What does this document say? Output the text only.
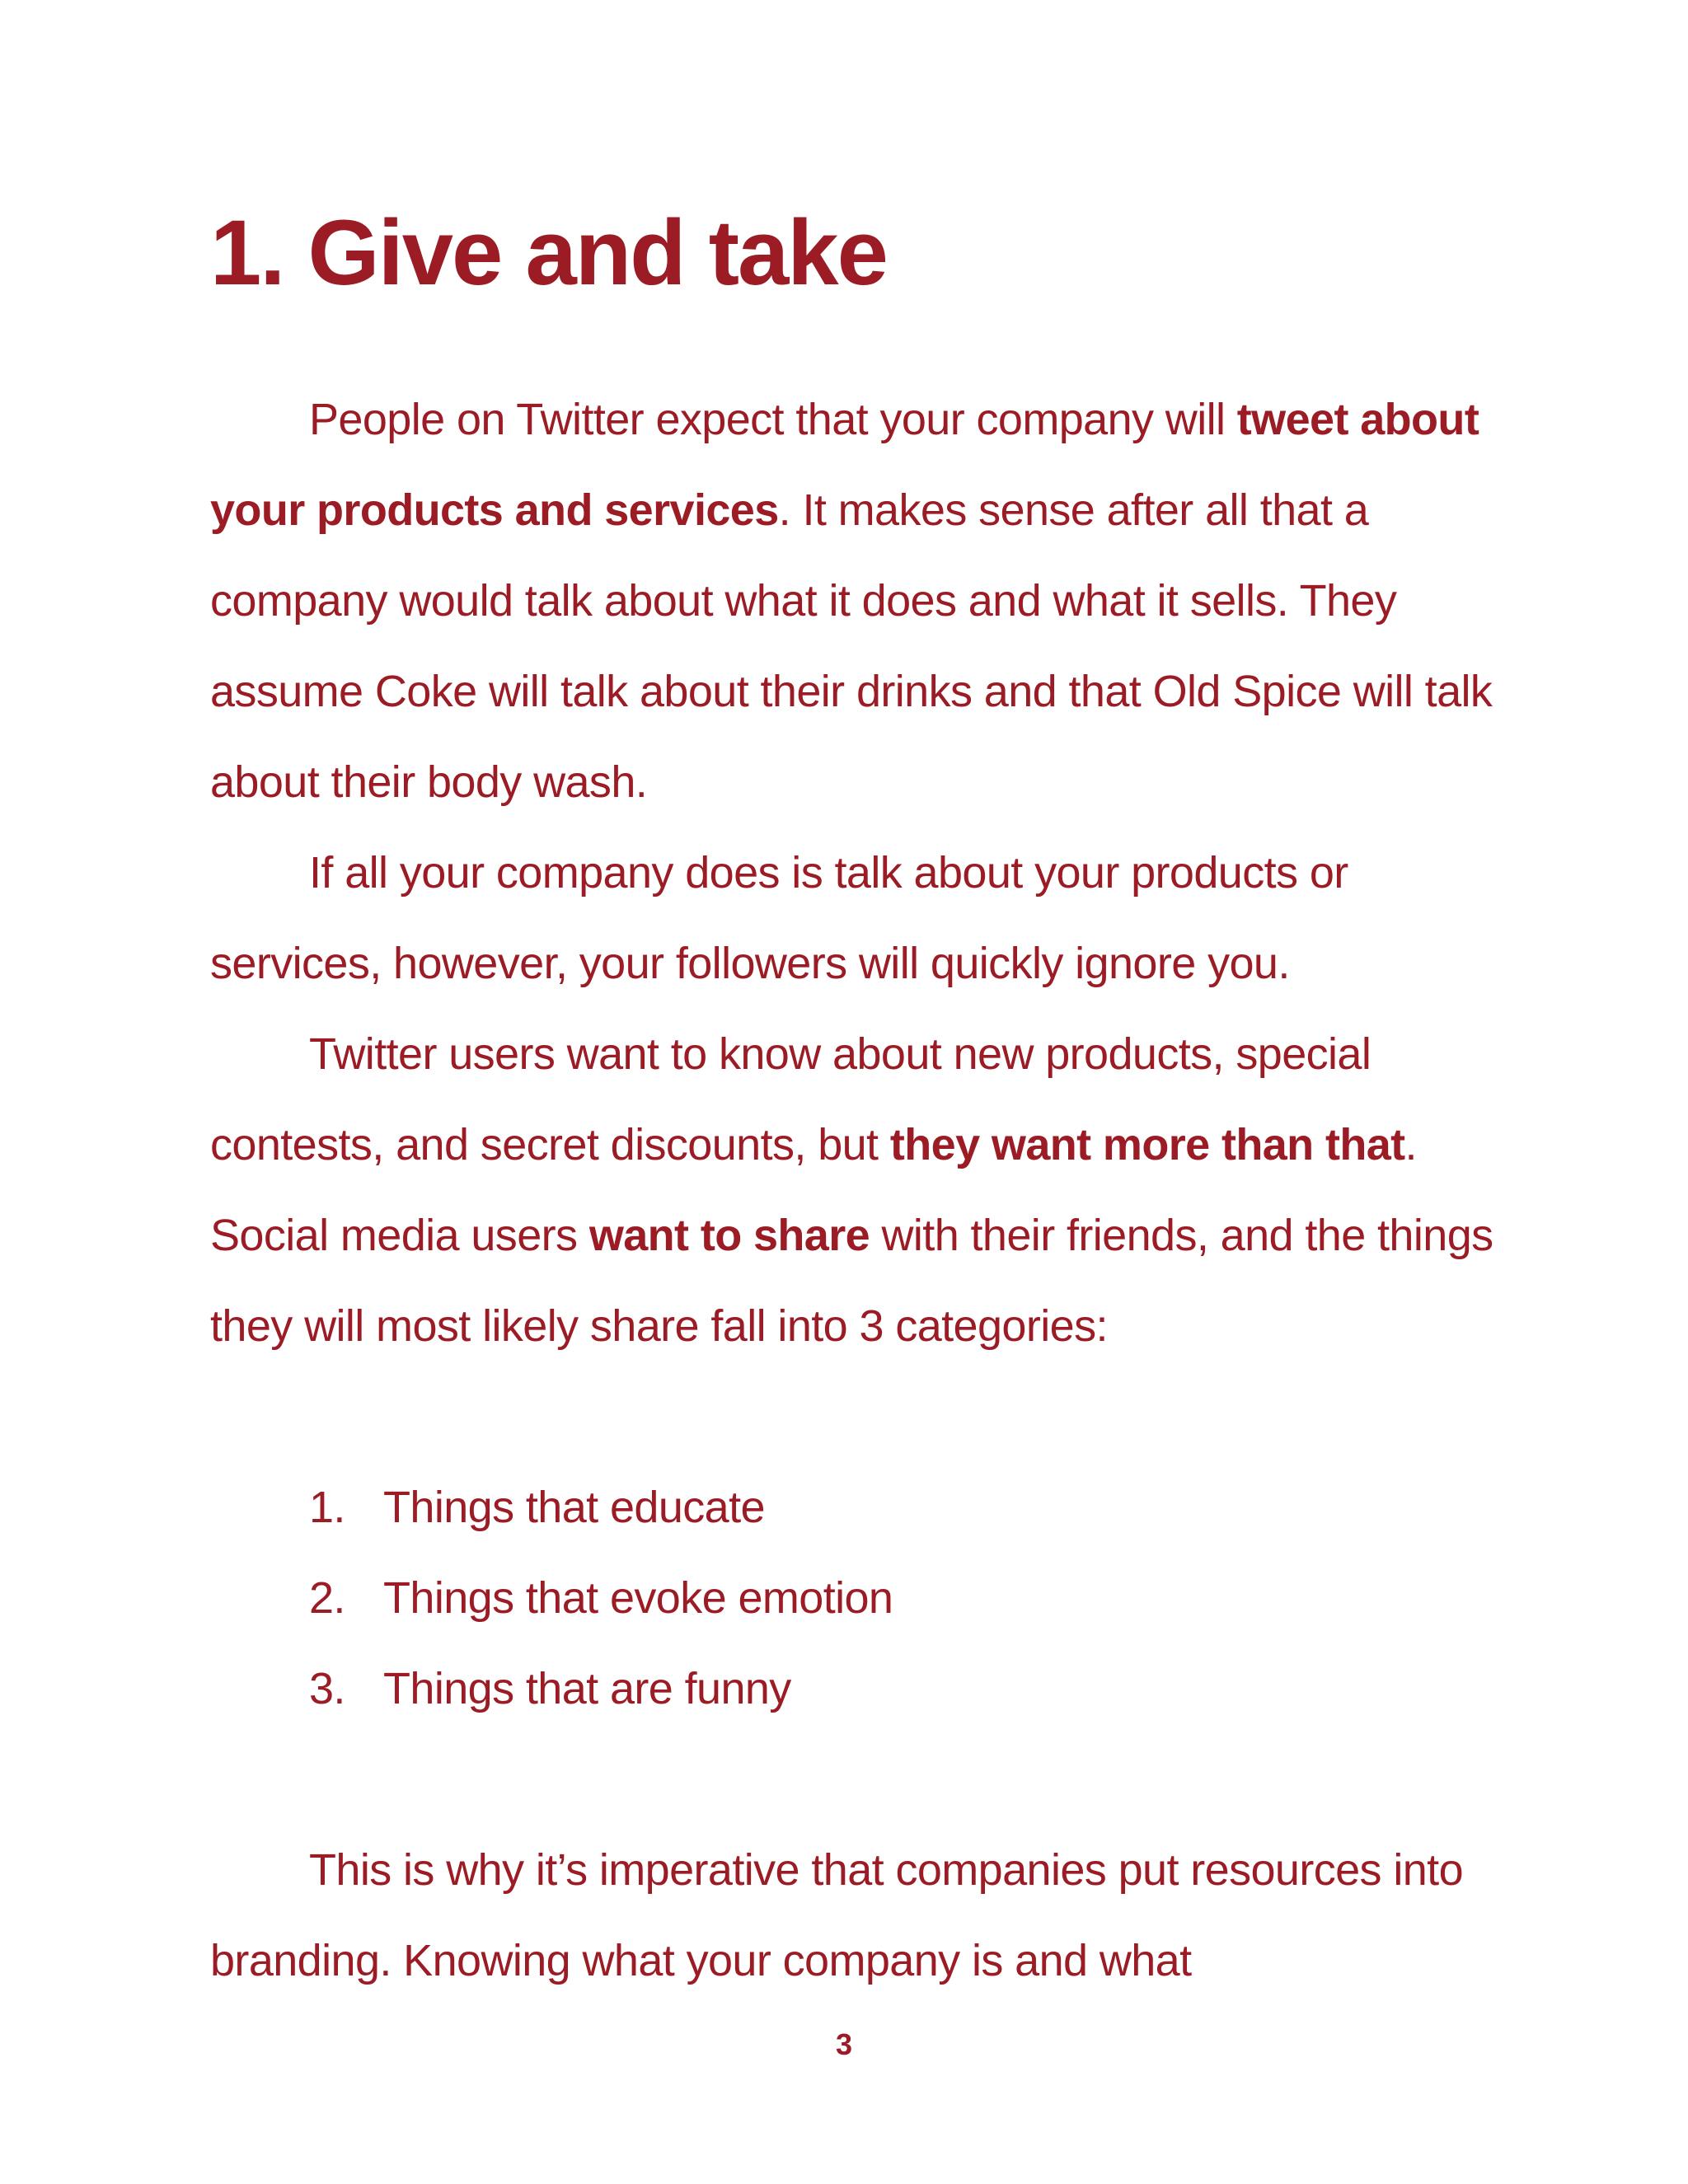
1. Give and take

People on Twitter expect that your company will tweet about your products and services. It makes sense after all that a company would talk about what it does and what it sells. They assume Coke will talk about their drinks and that Old Spice will talk about their body wash.

If all your company does is talk about your products or services, however, your followers will quickly ignore you.

Twitter users want to know about new products, special contests, and secret discounts, but they want more than that. Social media users want to share with their friends, and the things they will most likely share fall into 3 categories:

1. Things that educate
2. Things that evoke emotion
3. Things that are funny

This is why it’s imperative that companies put resources into branding. Knowing what your company is and what

3
